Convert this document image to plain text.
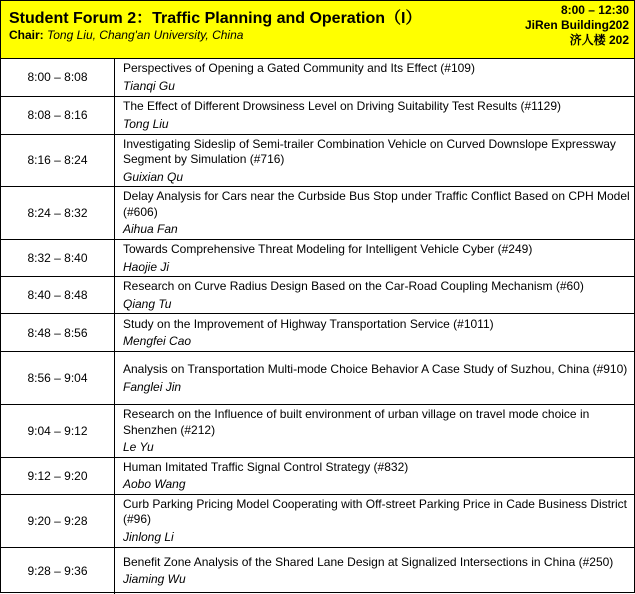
Student Forum 2：Traffic Planning and Operation（I）
Chair: Tong Liu, Chang'an University, China
8:00 – 12:30
JiRen Building202
济人楼 202
8:00 – 8:08	Perspectives of Opening a Gated Community and Its Effect (#109)
Tianqi Gu

8:08 – 8:16	The Effect of Different Drowsiness Level on Driving Suitability Test Results (#1129)
Tong Liu

8:16 – 8:24	Investigating Sideslip of Semi-trailer Combination Vehicle on Curved Downslope Expressway Segment by Simulation (#716)
Guixian Qu

8:24 – 8:32	Delay Analysis for Cars near the Curbside Bus Stop under Traffic Conflict Based on CPH Model (#606)
Aihua Fan

8:32 – 8:40	Towards Comprehensive Threat Modeling for Intelligent Vehicle Cyber (#249)
Haojie Ji

8:40 – 8:48	Research on Curve Radius Design Based on the Car-Road Coupling Mechanism (#60)
Qiang Tu

8:48 – 8:56	Study on the Improvement of Highway Transportation Service (#1011)
Mengfei Cao

8:56 – 9:04	Analysis on Transportation Multi-mode Choice Behavior A Case Study of Suzhou, China (#910)
Fanglei Jin

9:04 – 9:12	Research on the Influence of built environment of urban village on travel mode choice in Shenzhen (#212)
Le Yu

9:12 – 9:20	Human Imitated Traffic Signal Control Strategy (#832)
Aobo Wang

9:20 – 9:28	Curb Parking Pricing Model Cooperating with Off-street Parking Price in Cade Business District (#96)
Jinlong Li

9:28 – 9:36	Benefit Zone Analysis of the Shared Lane Design at Signalized Intersections in China (#250)
Jiaming Wu
